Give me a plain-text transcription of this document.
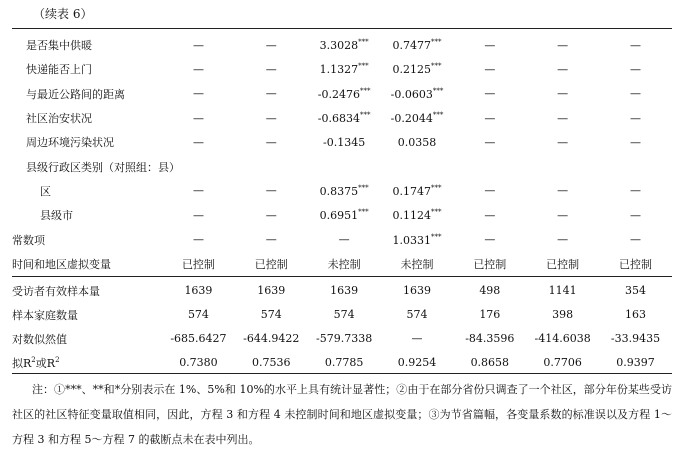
（续表 6）
是否集中供暖	—	—	3.3028***	0.7477***	—	—	—
快递能否上门	—	—	1.1327***	0.2125***	—	—	—
与最近公路间的距离	—	—	-0.2476***	-0.0603***	—	—	—
社区治安状况	—	—	-0.6834***	-0.2044***	—	—	—
周边环境污染状况	—	—	-0.1345	0.0358	—	—	—
县级行政区类别（对照组：县）							
区	—	—	0.8375***	0.1747***	—	—	—
县级市	—	—	0.6951***	0.1124***	—	—	—
常数项	—	—	—	1.0331***	—	—	—
时间和地区虚拟变量	已控制	已控制	未控制	未控制	已控制	已控制	已控制
受访者有效样本量	1639	1639	1639	1639	498	1141	354
样本家庭数量	574	574	574	574	176	398	163
对数似然值	-685.6427	-644.9422	-579.7338	—	-84.3596	-414.6038	-33.9435
拟$R^2$或$R^2$	0.7380	0.7536	0.7785	0.9254	0.8658	0.7706	0.9397
注：①***、**和*分别表示在 1%、5%和 10%的水平上具有统计显著性；②由于在部分省份只调查了一个社区，部分年份某些受访社区的社区特征变量取值相同，因此，方程 3 和方程 4 未控制时间和地区虚拟变量；③为节省篇幅，各变量系数的标准误以及方程 1～方程 3 和方程 5～方程 7 的截断点未在表中列出。
